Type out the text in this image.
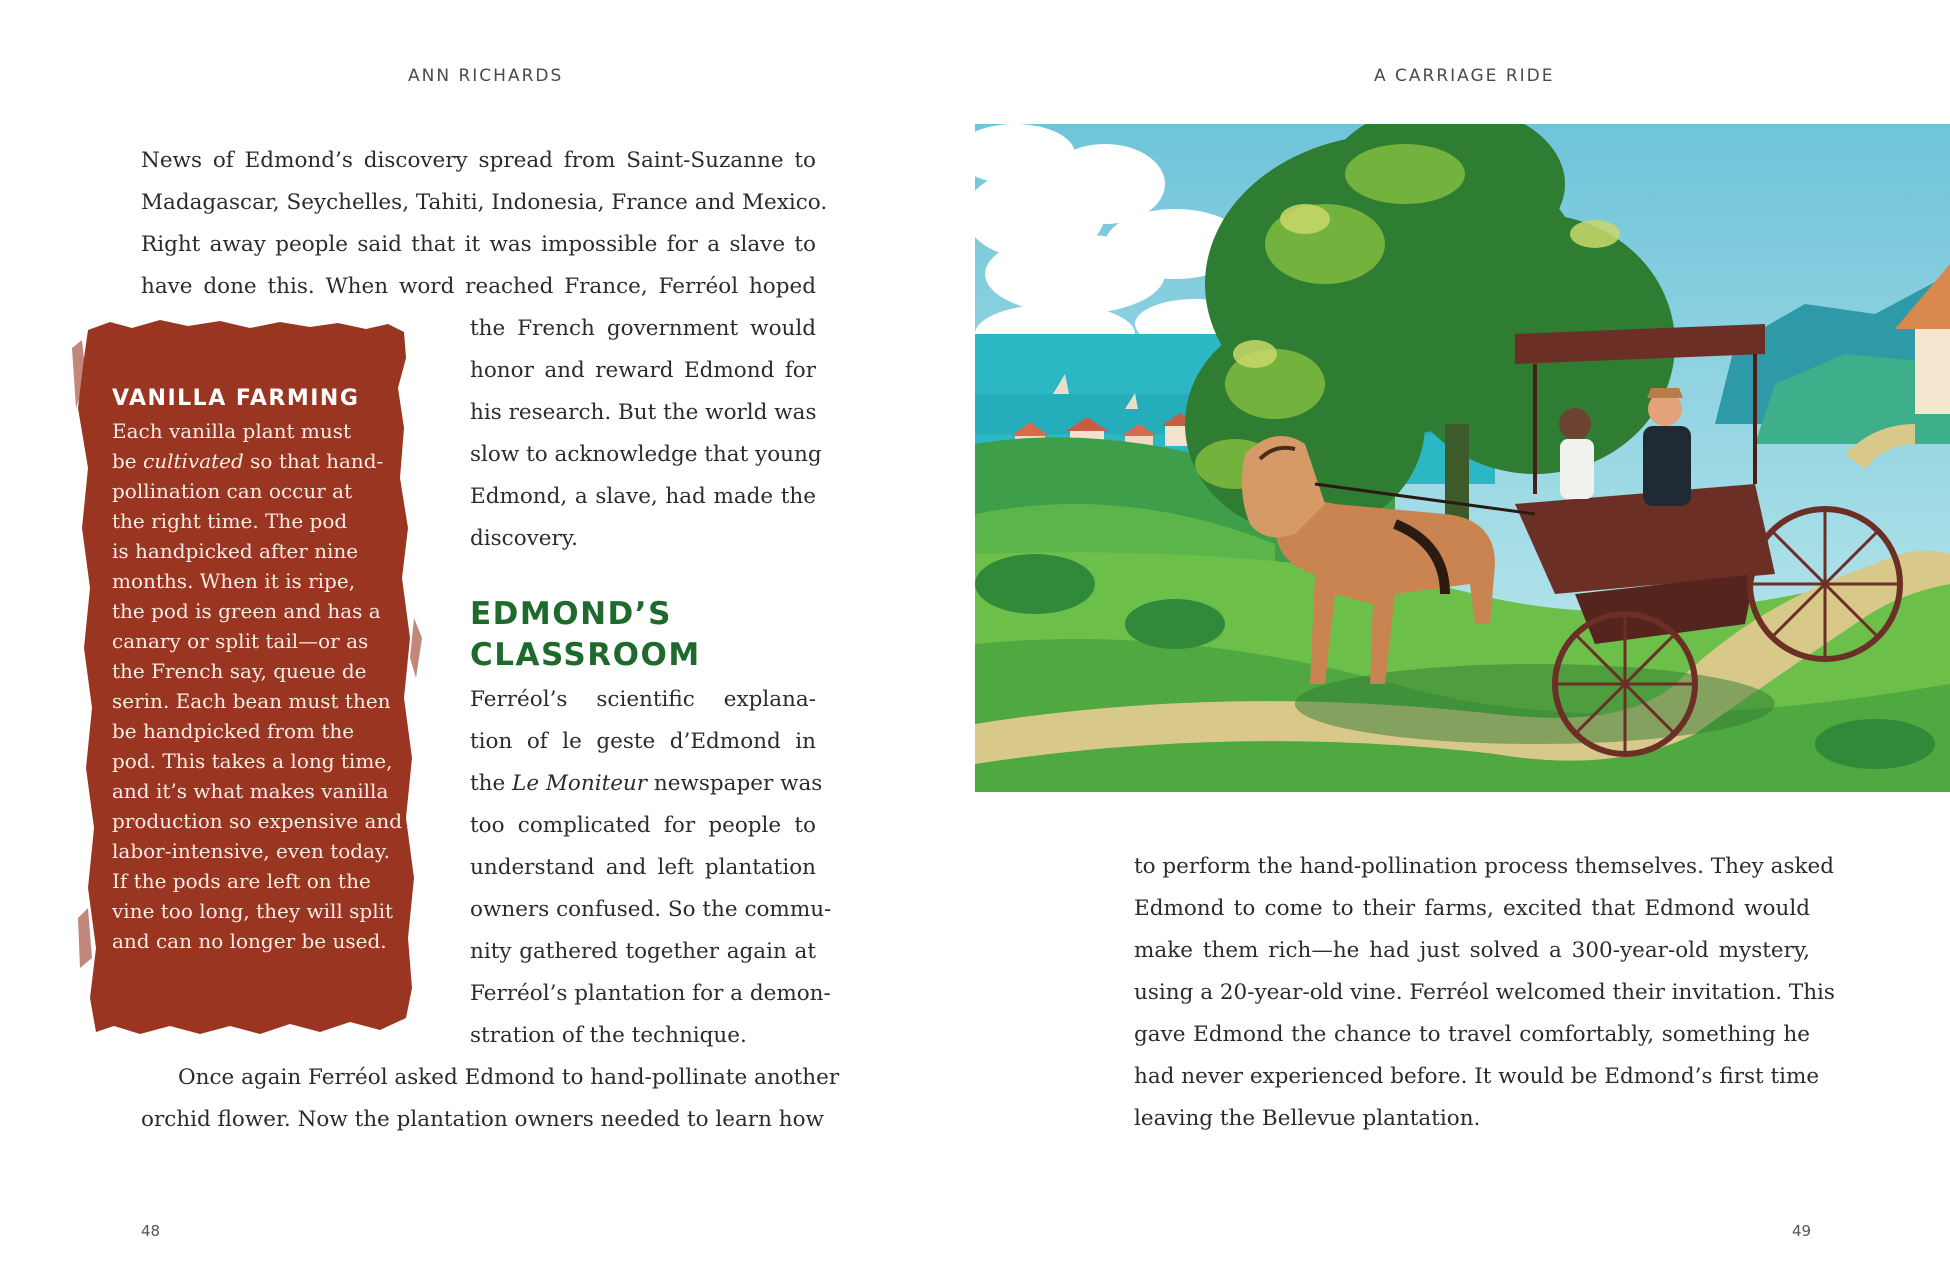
ANN RICHARDS
News of Edmond’s discovery spread from Saint-Suzanne to
Madagascar, Seychelles, Tahiti, Indonesia, France and Mexico.
Right away people said that it was impossible for a slave to
have done this. When word reached France, Ferréol hoped
VANILLA FARMING
Each vanilla plant must
be cultivated so that hand-
pollination can occur at
the right time. The pod
is handpicked after nine
months. When it is ripe,
the pod is green and has a
canary or split tail—or as
the French say, queue de
serin. Each bean must then
be handpicked from the
pod. This takes a long time,
and it’s what makes vanilla
production so expensive and
labor-intensive, even today.
If the pods are left on the
vine too long, they will split
and can no longer be used.
the French government would
honor and reward Edmond for
his research. But the world was
slow to acknowledge that young
Edmond, a slave, had made the
discovery.
EDMOND’S
CLASSROOM
Ferréol’s scientific explana-
tion of le geste d’Edmond in
the Le Moniteur newspaper was
too complicated for people to
understand and left plantation
owners confused. So the commu-
nity gathered together again at
Ferréol’s plantation for a demon-
stration of the technique.
Once again Ferréol asked Edmond to hand-pollinate another
orchid flower. Now the plantation owners needed to learn how
48
A CARRIAGE RIDE
to perform the hand-pollination process themselves. They asked
Edmond to come to their farms, excited that Edmond would
make them rich—he had just solved a 300-year-old mystery,
using a 20-year-old vine. Ferréol welcomed their invitation. This
gave Edmond the chance to travel comfortably, something he
had never experienced before. It would be Edmond’s first time
leaving the Bellevue plantation.
49
